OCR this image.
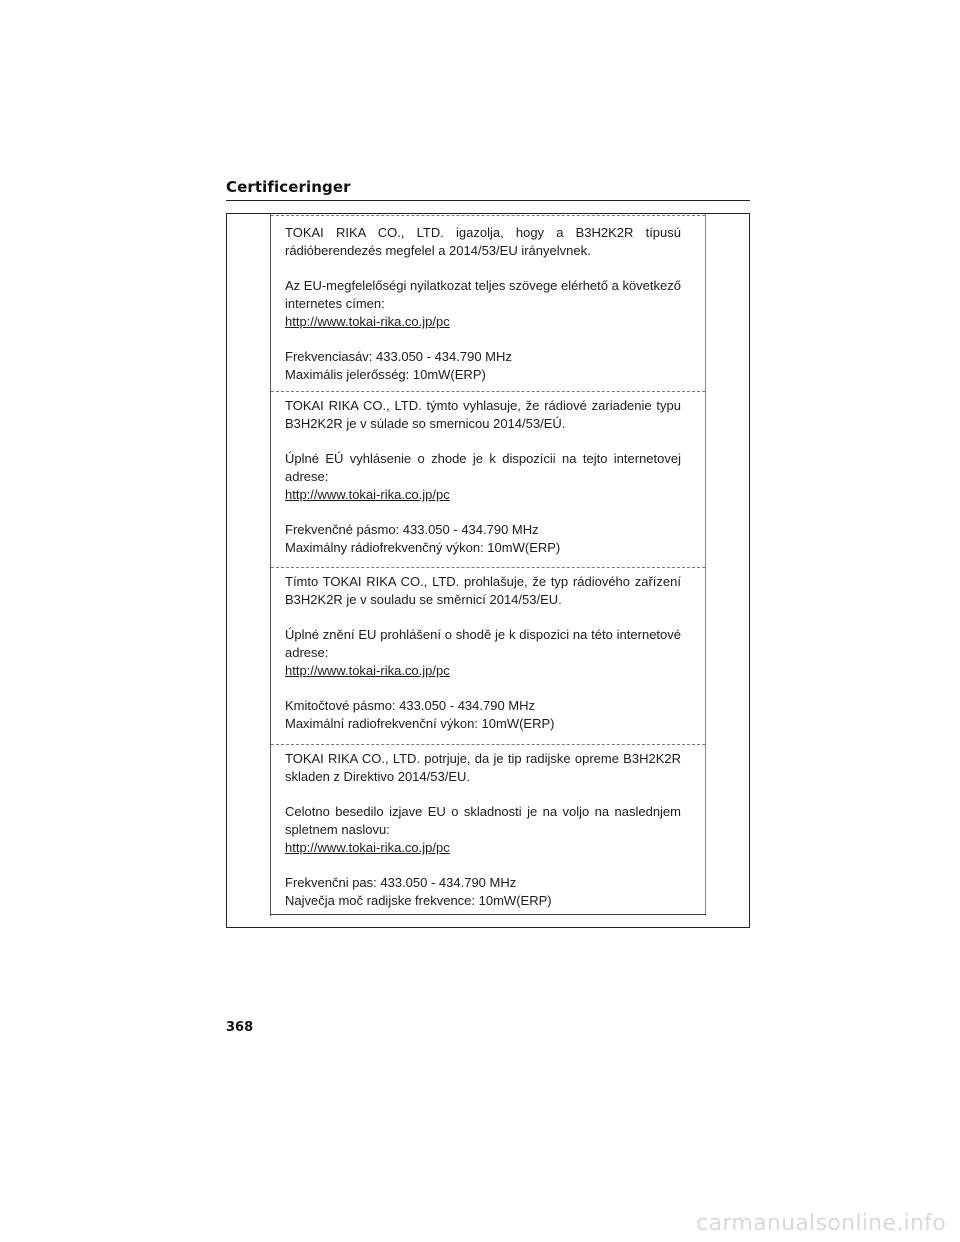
Certificeringer

TOKAI RIKA CO., LTD. igazolja, hogy a B3H2K2R típusú
rádióberendezés megfelel a 2014/53/EU irányelvnek.

Az EU-megfelelőségi nyilatkozat teljes szövege elérhető a következő
internetes címen:
http://www.tokai-rika.co.jp/pc

Frekvenciasáv: 433.050 - 434.790 MHz
Maximális jelerősség: 10mW(ERP)

TOKAI RIKA CO., LTD. týmto vyhlasuje, že rádiové zariadenie typu
B3H2K2R je v súlade so smernicou 2014/53/EÚ.

Úplné EÚ vyhlásenie o zhode je k dispozícii na tejto internetovej
adrese:
http://www.tokai-rika.co.jp/pc

Frekvenčné pásmo: 433.050 - 434.790 MHz
Maximálny rádiofrekvenčný výkon: 10mW(ERP)

Tímto TOKAI RIKA CO., LTD. prohlašuje, že typ rádiového zařízení
B3H2K2R je v souladu se směrnicí 2014/53/EU.

Úplné znění EU prohlášení o shodě je k dispozici na této internetové
adrese:
http://www.tokai-rika.co.jp/pc

Kmitočtové pásmo: 433.050 - 434.790 MHz
Maximální radiofrekvenční výkon: 10mW(ERP)

TOKAI RIKA CO., LTD. potrjuje, da je tip radijske opreme B3H2K2R
skladen z Direktivo 2014/53/EU.

Celotno besedilo izjave EU o skladnosti je na voljo na naslednjem
spletnem naslovu:
http://www.tokai-rika.co.jp/pc

Frekvenčni pas: 433.050 - 434.790 MHz
Največja moč radijske frekvence: 10mW(ERP)

368
carmanualsonline.info
